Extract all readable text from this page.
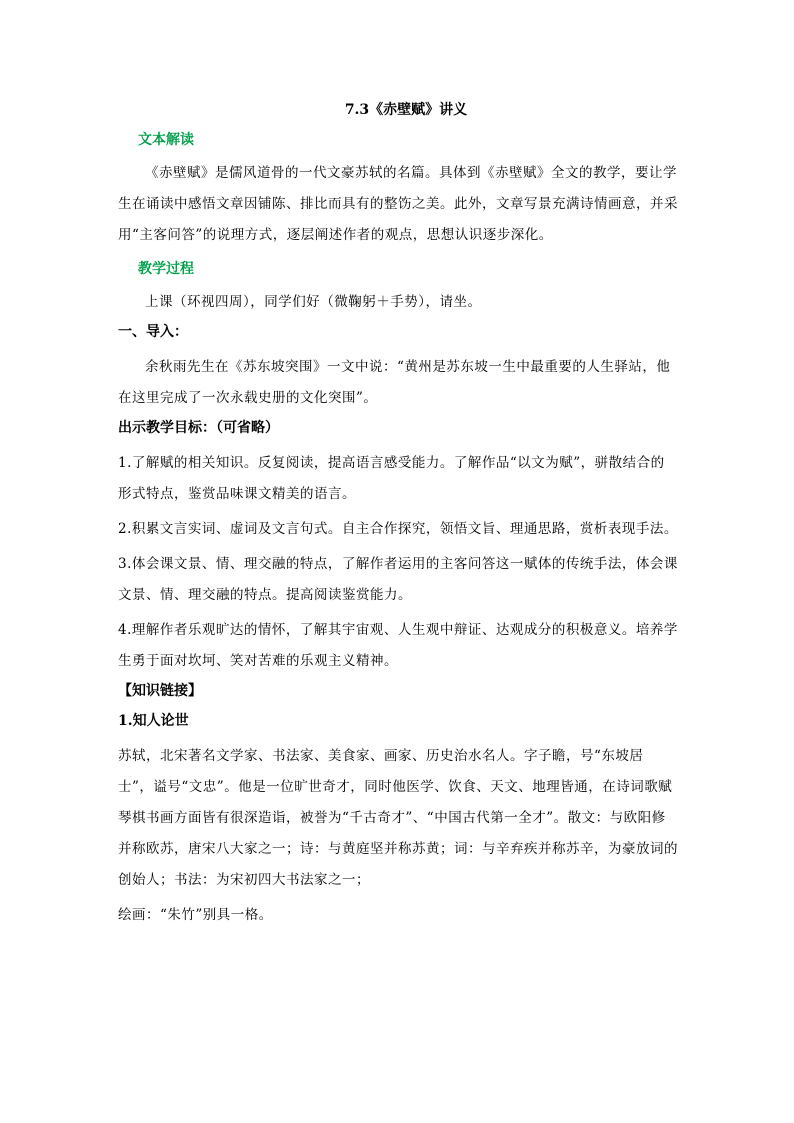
7.3《赤壁赋》讲义
文本解读

《赤壁赋》是儒风道骨的一代文豪苏轼的名篇。具体到《赤壁赋》全文的教学，要让学生在诵读中感悟文章因铺陈、排比而具有的整饬之美。此外，文章写景充满诗情画意，并采用“主客问答”的说理方式，逐层阐述作者的观点，思想认识逐步深化。

教学过程

上课（环视四周），同学们好（微鞠躬＋手势），请坐。

一、导入：

余秋雨先生在《苏东坡突围》一文中说：“黄州是苏东坡一生中最重要的人生驿站，他在这里完成了一次永载史册的文化突围”。

出示教学目标：（可省略）

1.了解赋的相关知识。反复阅读，提高语言感受能力。了解作品“以文为赋”，骈散结合的形式特点，鉴赏品味课文精美的语言。

2.积累文言实词、虚词及文言句式。自主合作探究，领悟文旨、理通思路，赏析表现手法。

3.体会课文景、情、理交融的特点，了解作者运用的主客问答这一赋体的传统手法，体会课文景、情、理交融的特点。提高阅读鉴赏能力。

4.理解作者乐观旷达的情怀，了解其宇宙观、人生观中辩证、达观成分的积极意义。培养学生勇于面对坎坷、笑对苦难的乐观主义精神。

【知识链接】
1.知人论世

苏轼，北宋著名文学家、书法家、美食家、画家、历史治水名人。字子瞻，号“东坡居士”，谥号“文忠”。他是一位旷世奇才，同时他医学、饮食、天文、地理皆通，在诗词歌赋琴棋书画方面皆有很深造诣，被誉为“千古奇才”、“中国古代第一全才”。散文：与欧阳修并称欧苏，唐宋八大家之一；诗：与黄庭坚并称苏黄；词：与辛弃疾并称苏辛，为豪放词的创始人；书法：为宋初四大书法家之一；

绘画：“朱竹”别具一格。
